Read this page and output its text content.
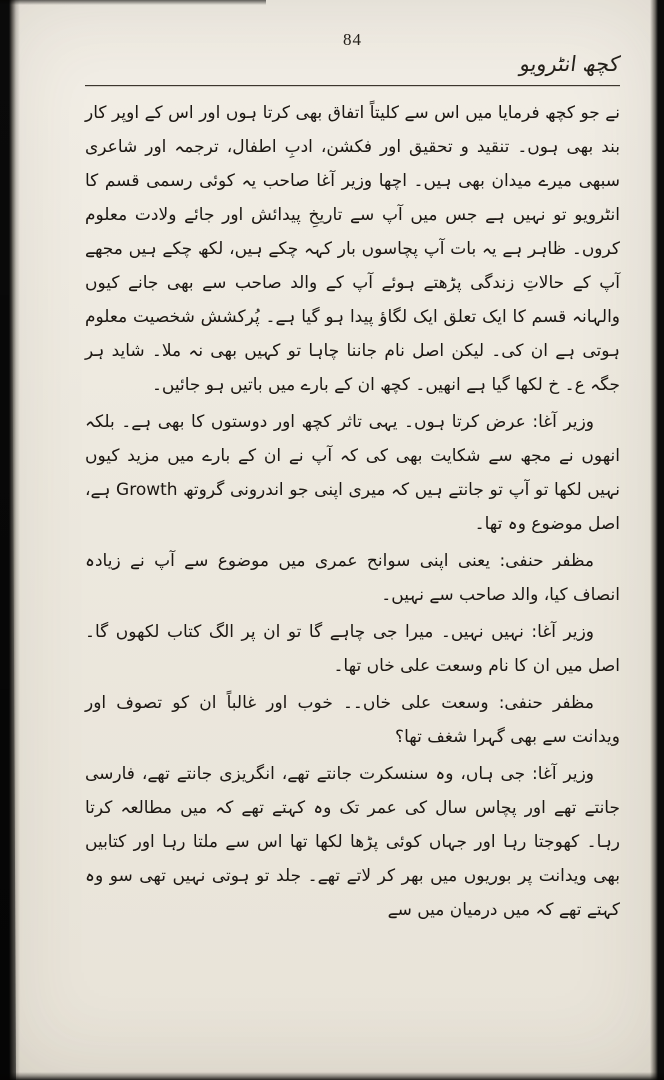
84
کچھ انٹرویو

نے جو کچھ فرمایا میں اس سے کلیتاً اتفاق بھی کرتا ہوں اور اس کے اوپر کار بند بھی ہوں۔ تنقید و تحقیق اور فکشن، ادبِ اطفال، ترجمہ اور شاعری سبھی میرے میدان بھی ہیں۔ اچھا وزیر آغا صاحب یہ کوئی رسمی قسم کا انٹرویو تو نہیں ہے جس میں آپ سے تاریخِ پیدائش اور جائے ولادت معلوم کروں۔ ظاہر ہے یہ بات آپ پچاسوں بار کہہ چکے ہیں، لکھ چکے ہیں مجھے آپ کے حالاتِ زندگی پڑھتے ہوئے آپ کے والد صاحب سے بھی جانے کیوں والہانہ قسم کا ایک تعلق ایک لگاؤ پیدا ہو گیا ہے۔ پُرکشش شخصیت معلوم ہوتی ہے ان کی۔ لیکن اصل نام جاننا چاہا تو کہیں بھی نہ ملا۔ شاید ہر جگہ ع۔ خ لکھا گیا ہے انھیں۔ کچھ ان کے بارے میں باتیں ہو جائیں۔

وزیر آغا: عرض کرتا ہوں۔ یہی تاثر کچھ اور دوستوں کا بھی ہے۔ بلکہ انھوں نے مجھ سے شکایت بھی کی کہ آپ نے ان کے بارے میں مزید کیوں نہیں لکھا تو آپ تو جانتے ہیں کہ میری اپنی جو اندرونی گروتھ Growth ہے، اصل موضوع وہ تھا۔

مظفر حنفی: یعنی اپنی سوانح عمری میں موضوع سے آپ نے زیادہ انصاف کیا، والد صاحب سے نہیں۔

وزیر آغا: نہیں نہیں۔ میرا جی چاہے گا تو ان پر الگ کتاب لکھوں گا۔ اصل میں ان کا نام وسعت علی خاں تھا۔

مظفر حنفی: وسعت علی خاں۔۔ خوب اور غالباً ان کو تصوف اور ویدانت سے بھی گہرا شغف تھا؟

وزیر آغا: جی ہاں، وہ سنسکرت جانتے تھے، انگریزی جانتے تھے، فارسی جانتے تھے اور پچاس سال کی عمر تک وہ کہتے تھے کہ میں مطالعہ کرتا رہا۔ کھوجتا رہا اور جہاں کوئی پڑھا لکھا تھا اس سے ملتا رہا اور کتابیں بھی ویدانت پر بوریوں میں بھر کر لاتے تھے۔ جلد تو ہوتی نہیں تھی سو وہ کہتے تھے کہ میں درمیان میں سے
